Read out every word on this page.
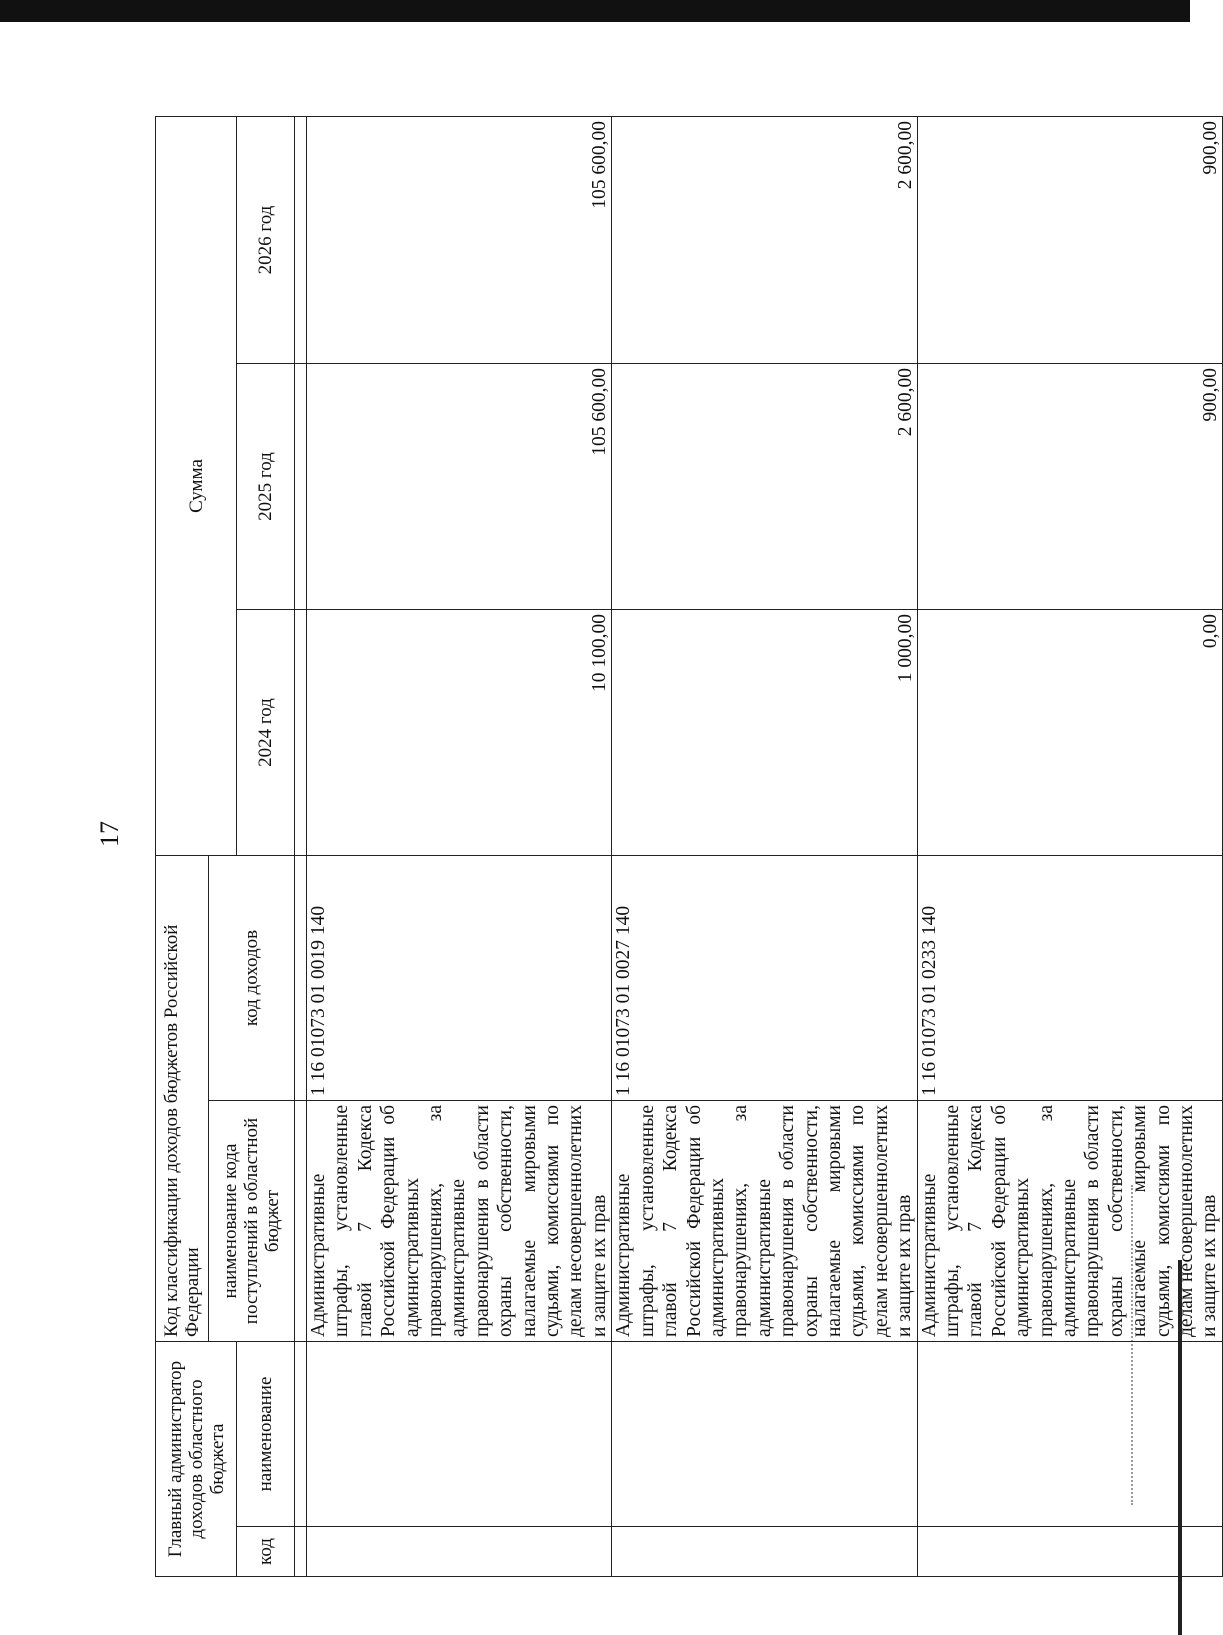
17
Главный администратор доходов областного бюджета		Код классификации доходов бюджетов Российской Федерации		Сумма		
		наименование кода поступлений в областной бюджет	код доходов			
код	наименование			2024 год	2025 год	2026 год

		Административные штрафы, установленные главой 7 Кодекса Российской Федерации об административных правонарушениях, за административные правонарушения в области охраны собственности, налагаемые мировыми судьями, комиссиями по делам несовершеннолетних и защите их прав	1 16 01073 01 0019 140	10 100,00	105 600,00	105 600,00
		Административные штрафы, установленные главой 7 Кодекса Российской Федерации об административных правонарушениях, за административные правонарушения в области охраны собственности, налагаемые мировыми судьями, комиссиями по делам несовершеннолетних и защите их прав	1 16 01073 01 0027 140	1 000,00	2 600,00	2 600,00
		Административные штрафы, установленные главой 7 Кодекса Российской Федерации об административных правонарушениях, за административные правонарушения в области охраны собственности, налагаемые мировыми судьями, комиссиями по делам несовершеннолетних и защите их прав	1 16 01073 01 0233 140	0,00	900,00	900,00
